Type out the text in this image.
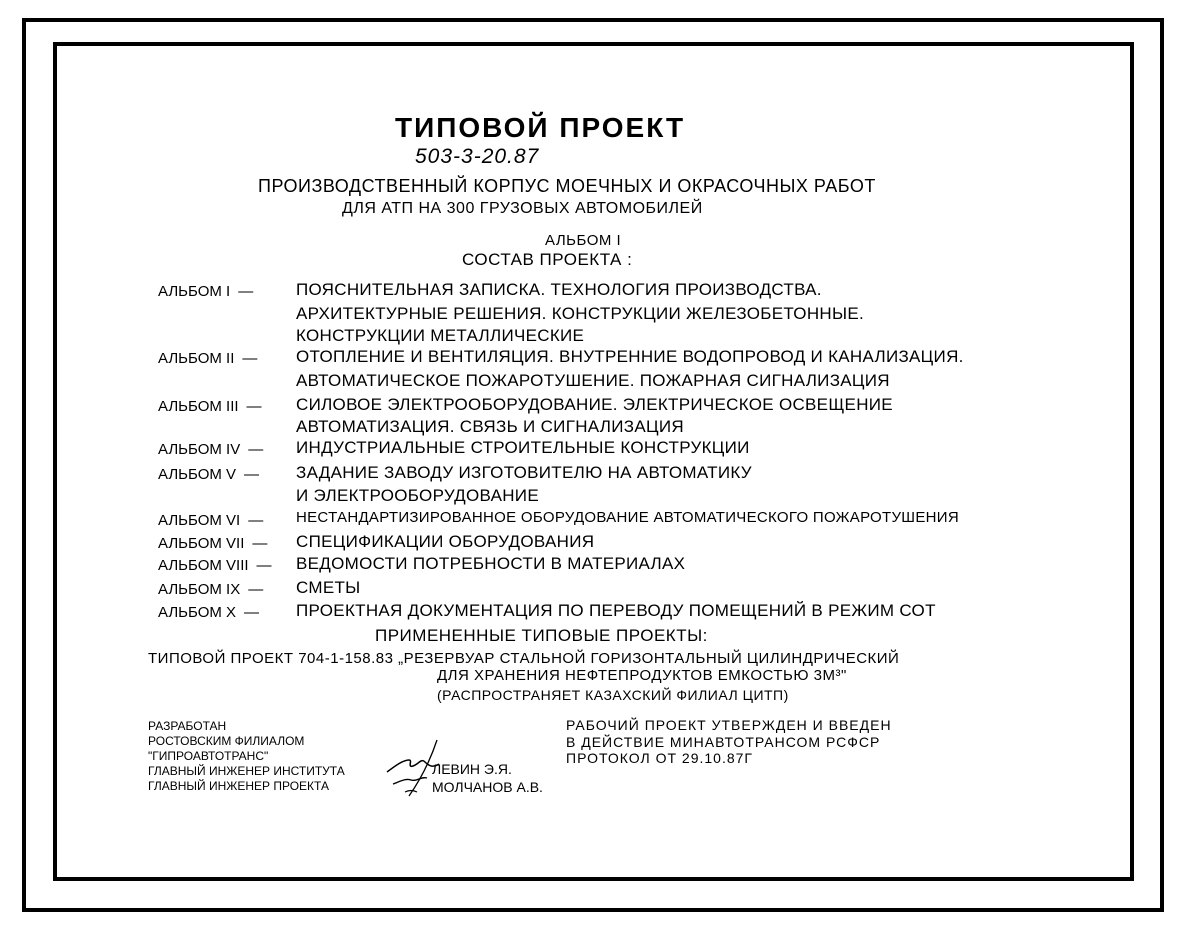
ТИПОВОЙ ПРОЕКТ
503-3-20.87
ПРОИЗВОДСТВЕННЫЙ КОРПУС МОЕЧНЫХ И ОКРАСОЧНЫХ РАБОТ
ДЛЯ АТП НА 300 ГРУЗОВЫХ АВТОМОБИЛЕЙ
АЛЬБОМ I
СОСТАВ ПРОЕКТА :
АЛЬБОМ I —	ПОЯСНИТЕЛЬНАЯ ЗАПИСКА. ТЕХНОЛОГИЯ ПРОИЗВОДСТВА.
АРХИТЕКТУРНЫЕ РЕШЕНИЯ. КОНСТРУКЦИИ ЖЕЛЕЗОБЕТОННЫЕ.
КОНСТРУКЦИИ МЕТАЛЛИЧЕСКИЕ
АЛЬБОМ II —	ОТОПЛЕНИЕ И ВЕНТИЛЯЦИЯ. ВНУТРЕННИЕ ВОДОПРОВОД И КАНАЛИЗАЦИЯ.
АВТОМАТИЧЕСКОЕ ПОЖАРОТУШЕНИЕ. ПОЖАРНАЯ СИГНАЛИЗАЦИЯ
АЛЬБОМ III —	СИЛОВОЕ ЭЛЕКТРООБОРУДОВАНИЕ. ЭЛЕКТРИЧЕСКОЕ ОСВЕЩЕНИЕ
АВТОМАТИЗАЦИЯ. СВЯЗЬ И СИГНАЛИЗАЦИЯ
АЛЬБОМ IV —	ИНДУСТРИАЛЬНЫЕ СТРОИТЕЛЬНЫЕ КОНСТРУКЦИИ
АЛЬБОМ V —	ЗАДАНИЕ ЗАВОДУ ИЗГОТОВИТЕЛЮ НА АВТОМАТИКУ
И ЭЛЕКТРООБОРУДОВАНИЕ
АЛЬБОМ VI —	НЕСТАНДАРТИЗИРОВАННОЕ ОБОРУДОВАНИЕ АВТОМАТИЧЕСКОГО ПОЖАРОТУШЕНИЯ
АЛЬБОМ VII —	СПЕЦИФИКАЦИИ ОБОРУДОВАНИЯ
АЛЬБОМ VIII —	ВЕДОМОСТИ ПОТРЕБНОСТИ В МАТЕРИАЛАХ
АЛЬБОМ IX —	СМЕТЫ
АЛЬБОМ X —	ПРОЕКТНАЯ ДОКУМЕНТАЦИЯ ПО ПЕРЕВОДУ ПОМЕЩЕНИЙ В РЕЖИМ СОТ
ПРИМЕНЕННЫЕ ТИПОВЫЕ ПРОЕКТЫ:
ТИПОВОЙ ПРОЕКТ 704-1-158.83 „РЕЗЕРВУАР СТАЛЬНОЙ ГОРИЗОНТАЛЬНЫЙ ЦИЛИНДРИЧЕСКИЙ
ДЛЯ ХРАНЕНИЯ НЕФТЕПРОДУКТОВ ЕМКОСТЬЮ 3М³"
(РАСПРОСТРАНЯЕТ КАЗАХСКИЙ ФИЛИАЛ ЦИТП)
РАЗРАБОТАН
РОСТОВСКИМ ФИЛИАЛОМ
"ГИПРОАВТОТРАНС"
ГЛАВНЫЙ ИНЖЕНЕР ИНСТИТУТА
ГЛАВНЫЙ ИНЖЕНЕР ПРОЕКТА
ЛЕВИН Э.Я.
МОЛЧАНОВ А.В.
РАБОЧИЙ ПРОЕКТ УТВЕРЖДЕН И ВВЕДЕН
В ДЕЙСТВИЕ МИНАВТОТРАНСОМ РСФСР
ПРОТОКОЛ ОТ 29.10.87Г
